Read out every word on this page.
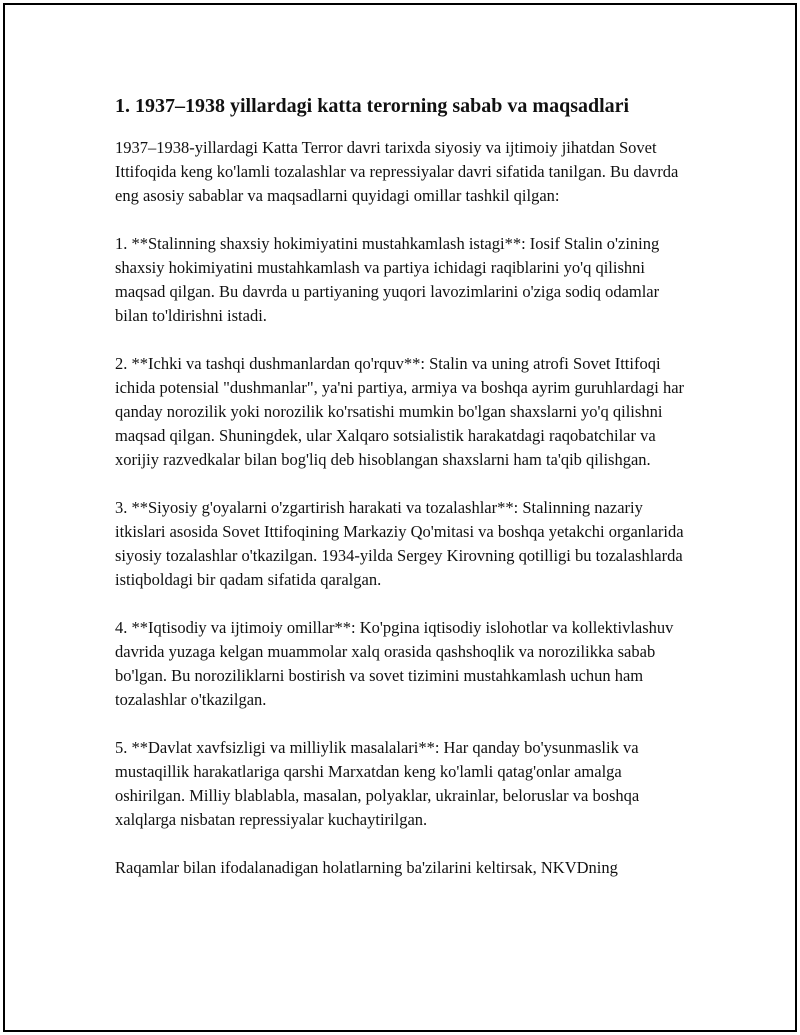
1. 1937–1938 yillardagi katta terorning sabab va maqsadlari

1937–1938-yillardagi Katta Terror davri tarixda siyosiy va ijtimoiy jihatdan Sovet Ittifoqida keng ko'lamli tozalashlar va repressiyalar davri sifatida tanilgan. Bu davrda eng asosiy sabablar va maqsadlarni quyidagi omillar tashkil qilgan:

1. **Stalinning shaxsiy hokimiyatini mustahkamlash istagi**: Iosif Stalin o'zining shaxsiy hokimiyatini mustahkamlash va partiya ichidagi raqiblarini yo'q qilishni maqsad qilgan. Bu davrda u partiyaning yuqori lavozimlarini o'ziga sodiq odamlar bilan to'ldirishni istadi.

2. **Ichki va tashqi dushmanlardan qo'rquv**: Stalin va uning atrofi Sovet Ittifoqi ichida potensial "dushmanlar", ya'ni partiya, armiya va boshqa ayrim guruhlardagi har qanday norozilik yoki norozilik ko'rsatishi mumkin bo'lgan shaxslarni yo'q qilishni maqsad qilgan. Shuningdek, ular Xalqaro sotsialistik harakatdagi raqobatchilar va xorijiy razvedkalar bilan bog'liq deb hisoblangan shaxslarni ham ta'qib qilishgan.

3. **Siyosiy g'oyalarni o'zgartirish harakati va tozalashlar**: Stalinning nazariy itkislari asosida Sovet Ittifoqining Markaziy Qo'mitasi va boshqa yetakchi organlarida siyosiy tozalashlar o'tkazilgan. 1934-yilda Sergey Kirovning qotilligi bu tozalashlarda istiqboldagi bir qadam sifatida qaralgan.

4. **Iqtisodiy va ijtimoiy omillar**: Ko'pgina iqtisodiy islohotlar va kollektivlashuv davrida yuzaga kelgan muammolar xalq orasida qashshoqlik va norozilikka sabab bo'lgan. Bu noroziliklarni bostirish va sovet tizimini mustahkamlash uchun ham tozalashlar o'tkazilgan.

5. **Davlat xavfsizligi va milliylik masalalari**: Har qanday bo'ysunmaslik va mustaqillik harakatlariga qarshi Marxatdan keng ko'lamli qatag'onlar amalga oshirilgan. Milliy blablabla, masalan, polyaklar, ukrainlar, beloruslar va boshqa xalqlarga nisbatan repressiyalar kuchaytirilgan.

Raqamlar bilan ifodalanadigan holatlarning ba'zilarini keltirsak, NKVDning
